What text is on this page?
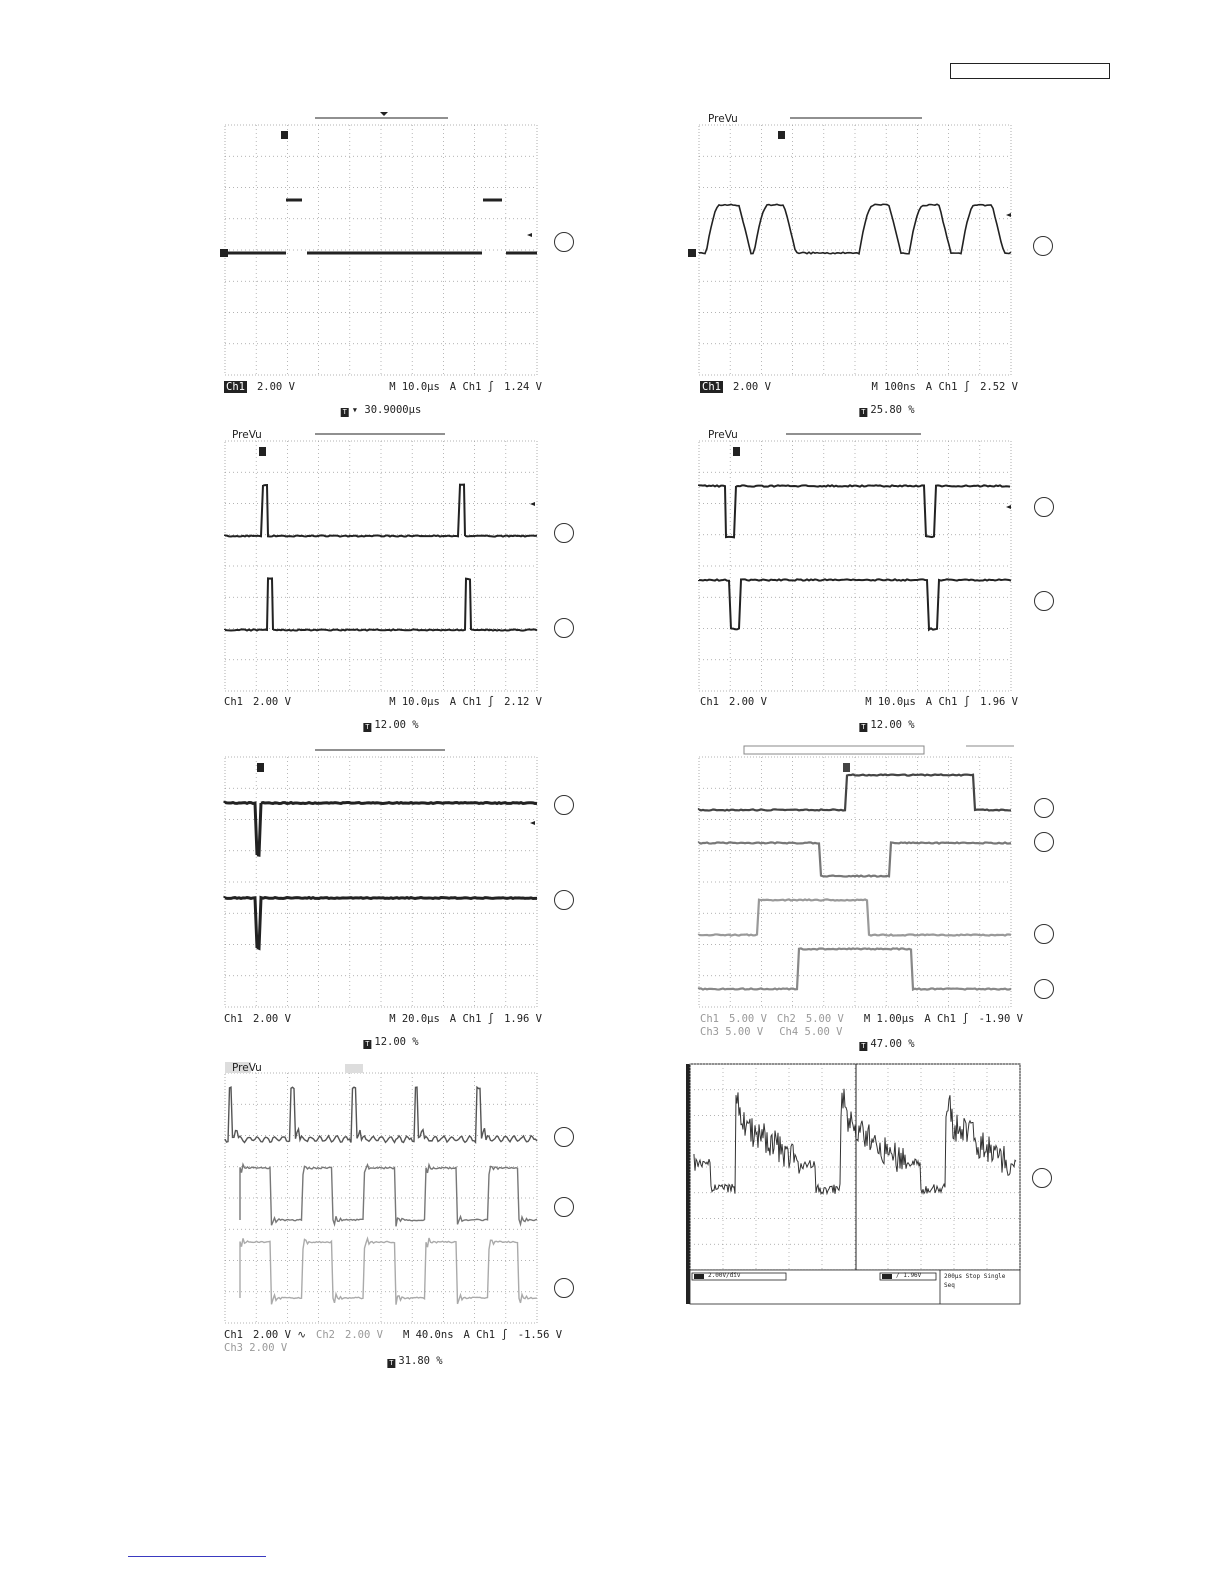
Ch1 2.00 V	M 10.0µs A Ch1 ∫ 1.24 V
T ▾ 30.9000µs
PreVu
Ch1 2.00 V	M 100ns A Ch1 ∫ 2.52 V
T 25.80 %
PreVu
Ch1 2.00 V	M 10.0µs A Ch1 ∫ 2.12 V
T 12.00 %
PreVu
Ch1 2.00 V	M 10.0µs A Ch1 ∫ 1.96 V
T 12.00 %
Ch1 2.00 V	M 20.0µs A Ch1 ∫ 1.96 V
T 12.00 %
Ch1 5.00 V Ch2 5.00 V M 1.00µs A Ch1 ∫ -1.90 V
Ch3 5.00 V Ch4 5.00 V
T 47.00 %
PreVu
Ch1 2.00 V ∿ Ch2 2.00 V M 40.0ns A Ch1 ∫ -1.56 V
Ch3 2.00 V
T 31.80 %
2.00V/div	/ 1.96V	200µs Stop Single Seq
